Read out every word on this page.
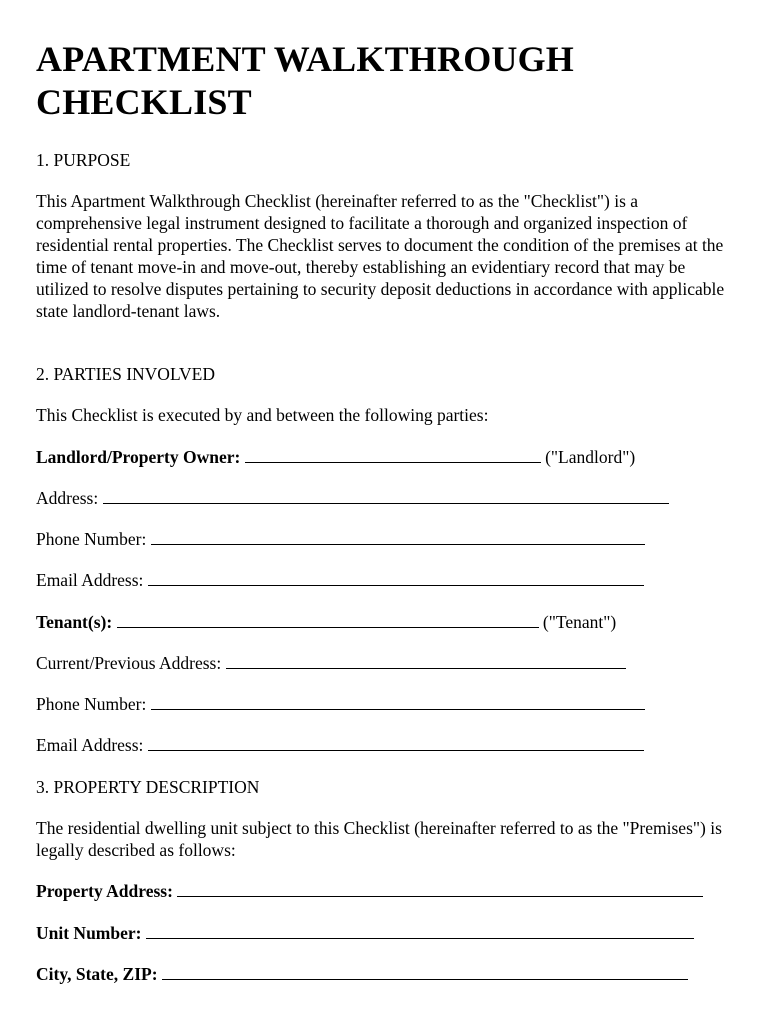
APARTMENT WALKTHROUGH CHECKLIST

1. PURPOSE

This Apartment Walkthrough Checklist (hereinafter referred to as the "Checklist") is a comprehensive legal instrument designed to facilitate a thorough and organized inspection of residential rental properties. The Checklist serves to document the condition of the premises at the time of tenant move-in and move-out, thereby establishing an evidentiary record that may be utilized to resolve disputes pertaining to security deposit deductions in accordance with applicable state landlord-tenant laws.

2. PARTIES INVOLVED

This Checklist is executed by and between the following parties:

Landlord/Property Owner:	("Landlord")
Address:
Phone Number:
Email Address:
Tenant(s):	("Tenant")
Current/Previous Address:
Phone Number:
Email Address:

3. PROPERTY DESCRIPTION

The residential dwelling unit subject to this Checklist (hereinafter referred to as the "Premises") is legally described as follows:

Property Address:
Unit Number:
City, State, ZIP:
